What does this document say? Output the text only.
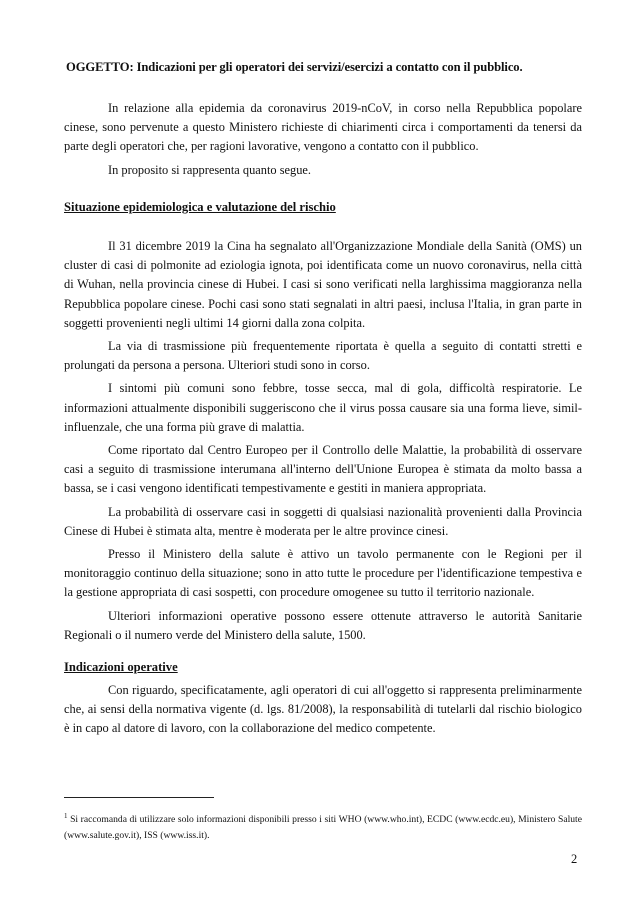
OGGETTO: Indicazioni per gli operatori dei servizi/esercizi a contatto con il pubblico.

In relazione alla epidemia da coronavirus 2019-nCoV, in corso nella Repubblica popolare cinese, sono pervenute a questo Ministero richieste di chiarimenti circa i comportamenti da tenersi da parte degli operatori che, per ragioni lavorative, vengono a contatto con il pubblico.

In proposito si rappresenta quanto segue.

Situazione epidemiologica e valutazione del rischio

Il 31 dicembre 2019 la Cina ha segnalato all'Organizzazione Mondiale della Sanità (OMS) un cluster di casi di polmonite ad eziologia ignota, poi identificata come un nuovo coronavirus, nella città di Wuhan, nella provincia cinese di Hubei. I casi si sono verificati nella larghissima maggioranza nella Repubblica popolare cinese. Pochi casi sono stati segnalati in altri paesi, inclusa l'Italia, in gran parte in soggetti provenienti negli ultimi 14 giorni dalla zona colpita.

La via di trasmissione più frequentemente riportata è quella a seguito di contatti stretti e prolungati da persona a persona. Ulteriori studi sono in corso.

I sintomi più comuni sono febbre, tosse secca, mal di gola, difficoltà respiratorie. Le informazioni attualmente disponibili suggeriscono che il virus possa causare sia una forma lieve, simil-influenzale, che una forma più grave di malattia.

Come riportato dal Centro Europeo per il Controllo delle Malattie, la probabilità di osservare casi a seguito di trasmissione interumana all'interno dell'Unione Europea è stimata da molto bassa a bassa, se i casi vengono identificati tempestivamente e gestiti in maniera appropriata.

La probabilità di osservare casi in soggetti di qualsiasi nazionalità provenienti dalla Provincia Cinese di Hubei è stimata alta, mentre è moderata per le altre province cinesi.

Presso il Ministero della salute è attivo un tavolo permanente con le Regioni per il monitoraggio continuo della situazione; sono in atto tutte le procedure per l'identificazione tempestiva e la gestione appropriata di casi sospetti, con procedure omogenee su tutto il territorio nazionale.

Ulteriori informazioni operative possono essere ottenute attraverso le autorità Sanitarie Regionali o il numero verde del Ministero della salute, 1500.

Indicazioni operative

Con riguardo, specificatamente, agli operatori di cui all'oggetto si rappresenta preliminarmente che, ai sensi della normativa vigente (d. lgs. 81/2008), la responsabilità di tutelarli dal rischio biologico è in capo al datore di lavoro, con la collaborazione del medico competente.

$^1$ Si raccomanda di utilizzare solo informazioni disponibili presso i siti WHO (www.who.int), ECDC (www.ecdc.eu), Ministero Salute (www.salute.gov.it), ISS (www.iss.it).
2
